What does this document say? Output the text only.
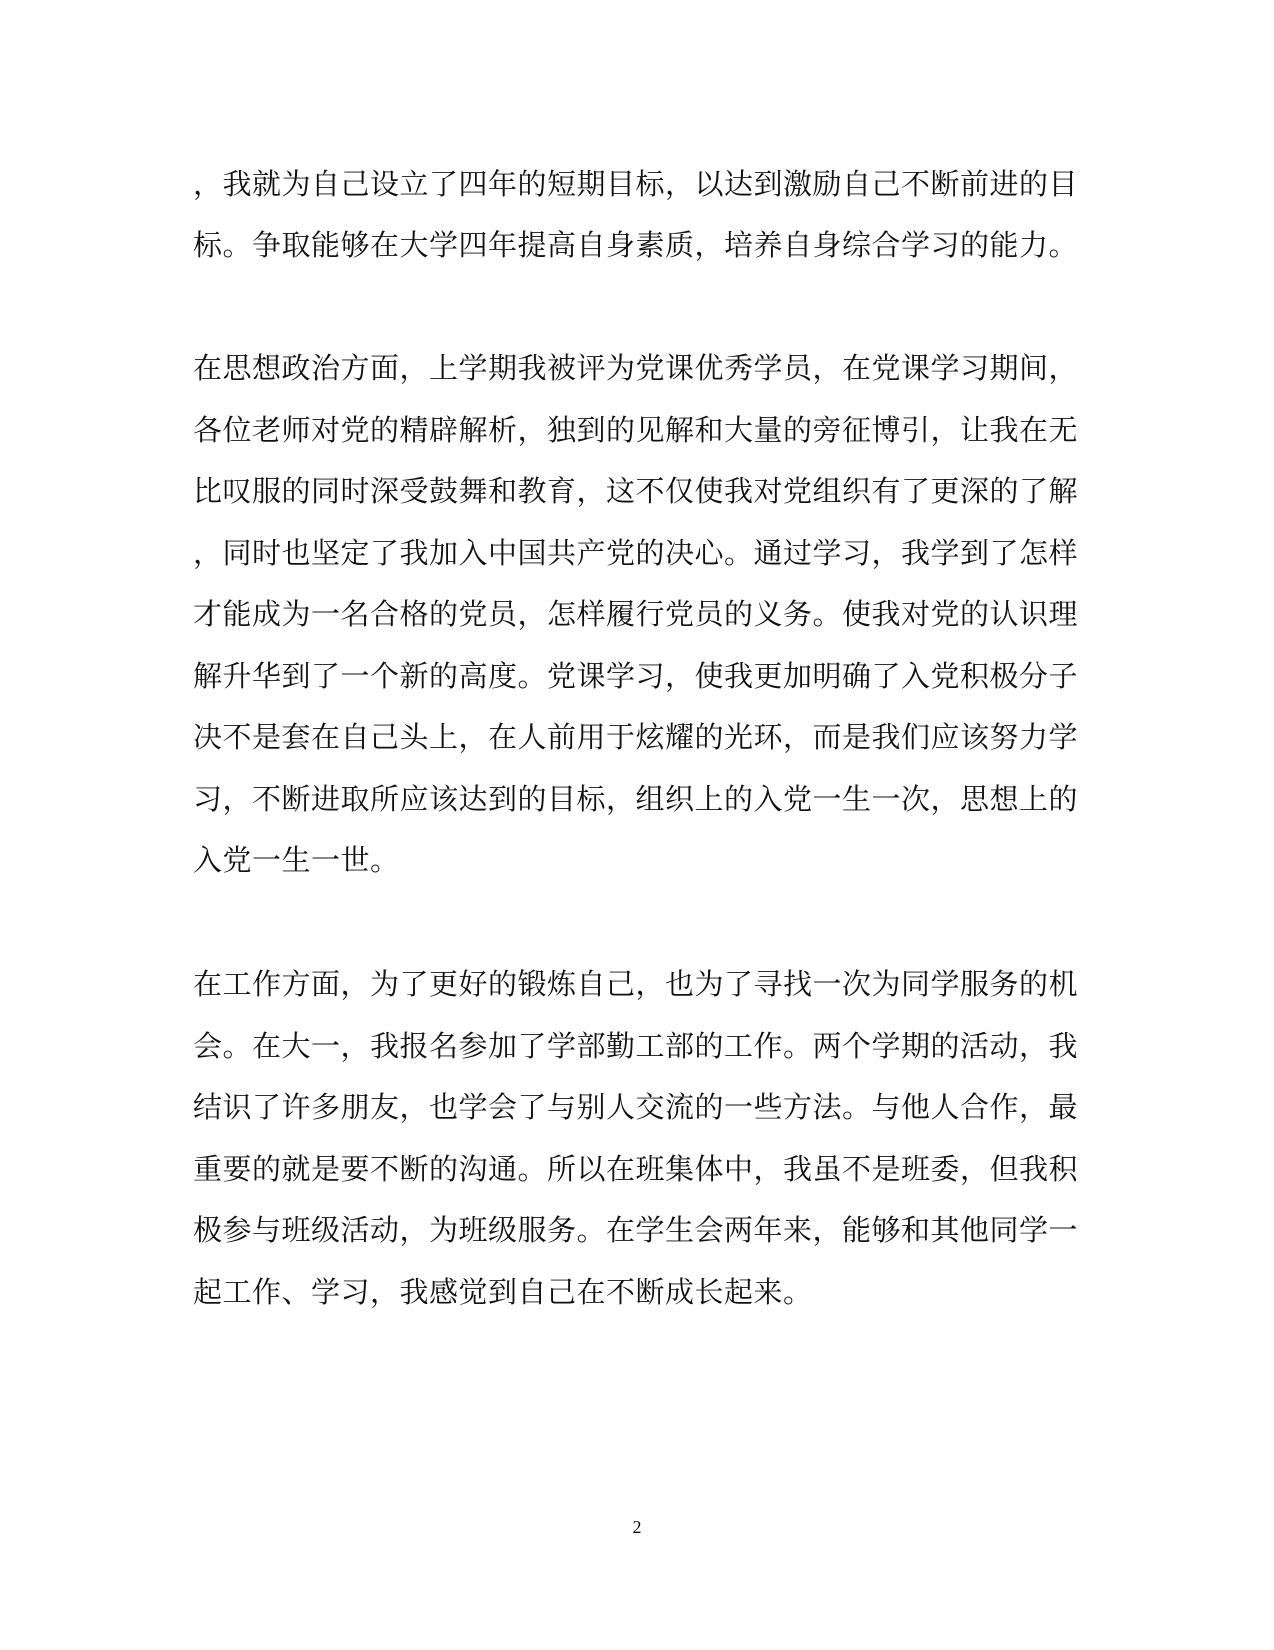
，我就为自己设立了四年的短期目标，以达到激励自己不断前进的目
标。争取能够在大学四年提高自身素质，培养自身综合学习的能力。
在思想政治方面，上学期我被评为党课优秀学员，在党课学习期间，
各位老师对党的精辟解析，独到的见解和大量的旁征博引，让我在无
比叹服的同时深受鼓舞和教育，这不仅使我对党组织有了更深的了解
，同时也坚定了我加入中国共产党的决心。通过学习，我学到了怎样
才能成为一名合格的党员，怎样履行党员的义务。使我对党的认识理
解升华到了一个新的高度。党课学习，使我更加明确了入党积极分子
决不是套在自己头上，在人前用于炫耀的光环，而是我们应该努力学
习，不断进取所应该达到的目标，组织上的入党一生一次，思想上的
入党一生一世。
在工作方面，为了更好的锻炼自己，也为了寻找一次为同学服务的机
会。在大一，我报名参加了学部勤工部的工作。两个学期的活动，我
结识了许多朋友，也学会了与别人交流的一些方法。与他人合作，最
重要的就是要不断的沟通。所以在班集体中，我虽不是班委，但我积
极参与班级活动，为班级服务。在学生会两年来，能够和其他同学一
起工作、学习，我感觉到自己在不断成长起来。
2
